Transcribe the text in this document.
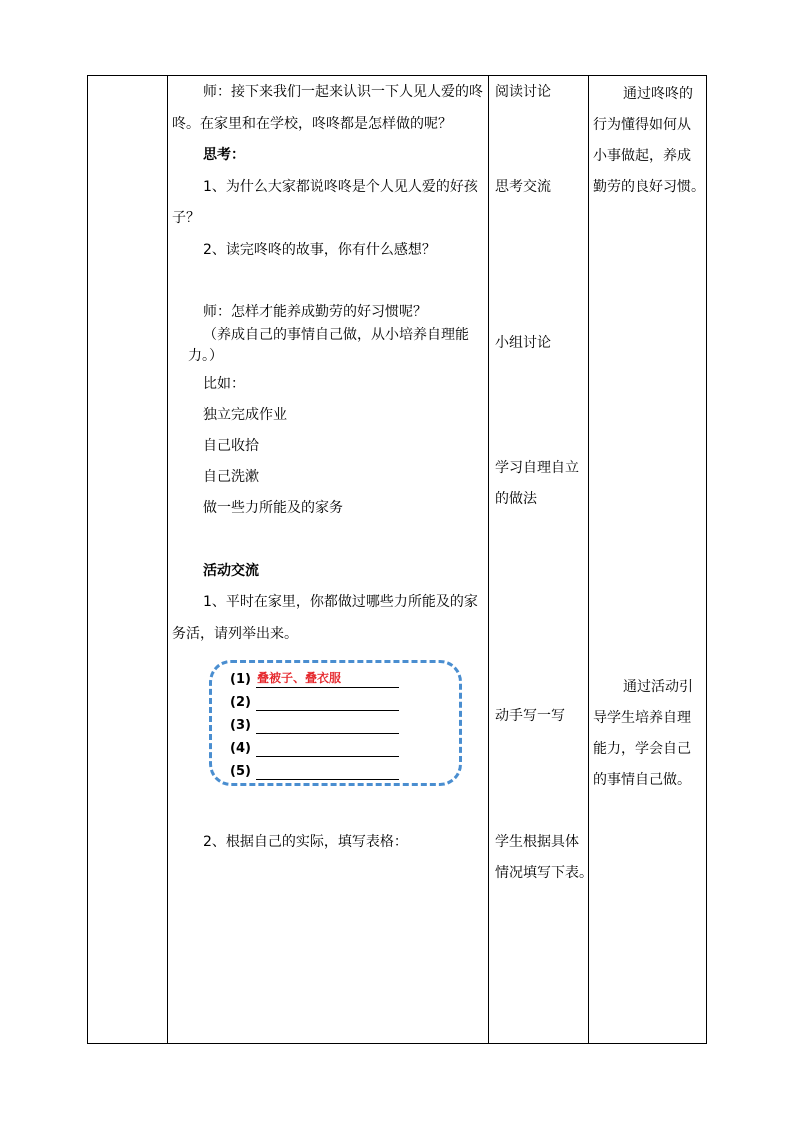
师：接下来我们一起来认识一下人见人爱的咚
咚。在家里和在学校，咚咚都是怎样做的呢？
思考：
1、为什么大家都说咚咚是个人见人爱的好孩
子？
2、读完咚咚的故事，你有什么感想？
师：怎样才能养成勤劳的好习惯呢？
（养成自己的事情自己做，从小培养自理能
力。）
比如：
独立完成作业
自己收拾
自己洗漱
做一些力所能及的家务
活动交流
1、平时在家里，你都做过哪些力所能及的家
务活，请列举出来。
(1) 叠被子、叠衣服
(2)
(3)
(4)
(5)
2、根据自己的实际，填写表格：
阅读讨论
思考交流
小组讨论
学习自理自立
的做法
动手写一写
学生根据具体
情况填写下表。
通过咚咚的
行为懂得如何从
小事做起，养成
勤劳的良好习惯。
通过活动引
导学生培养自理
能力，学会自己
的事情自己做。
